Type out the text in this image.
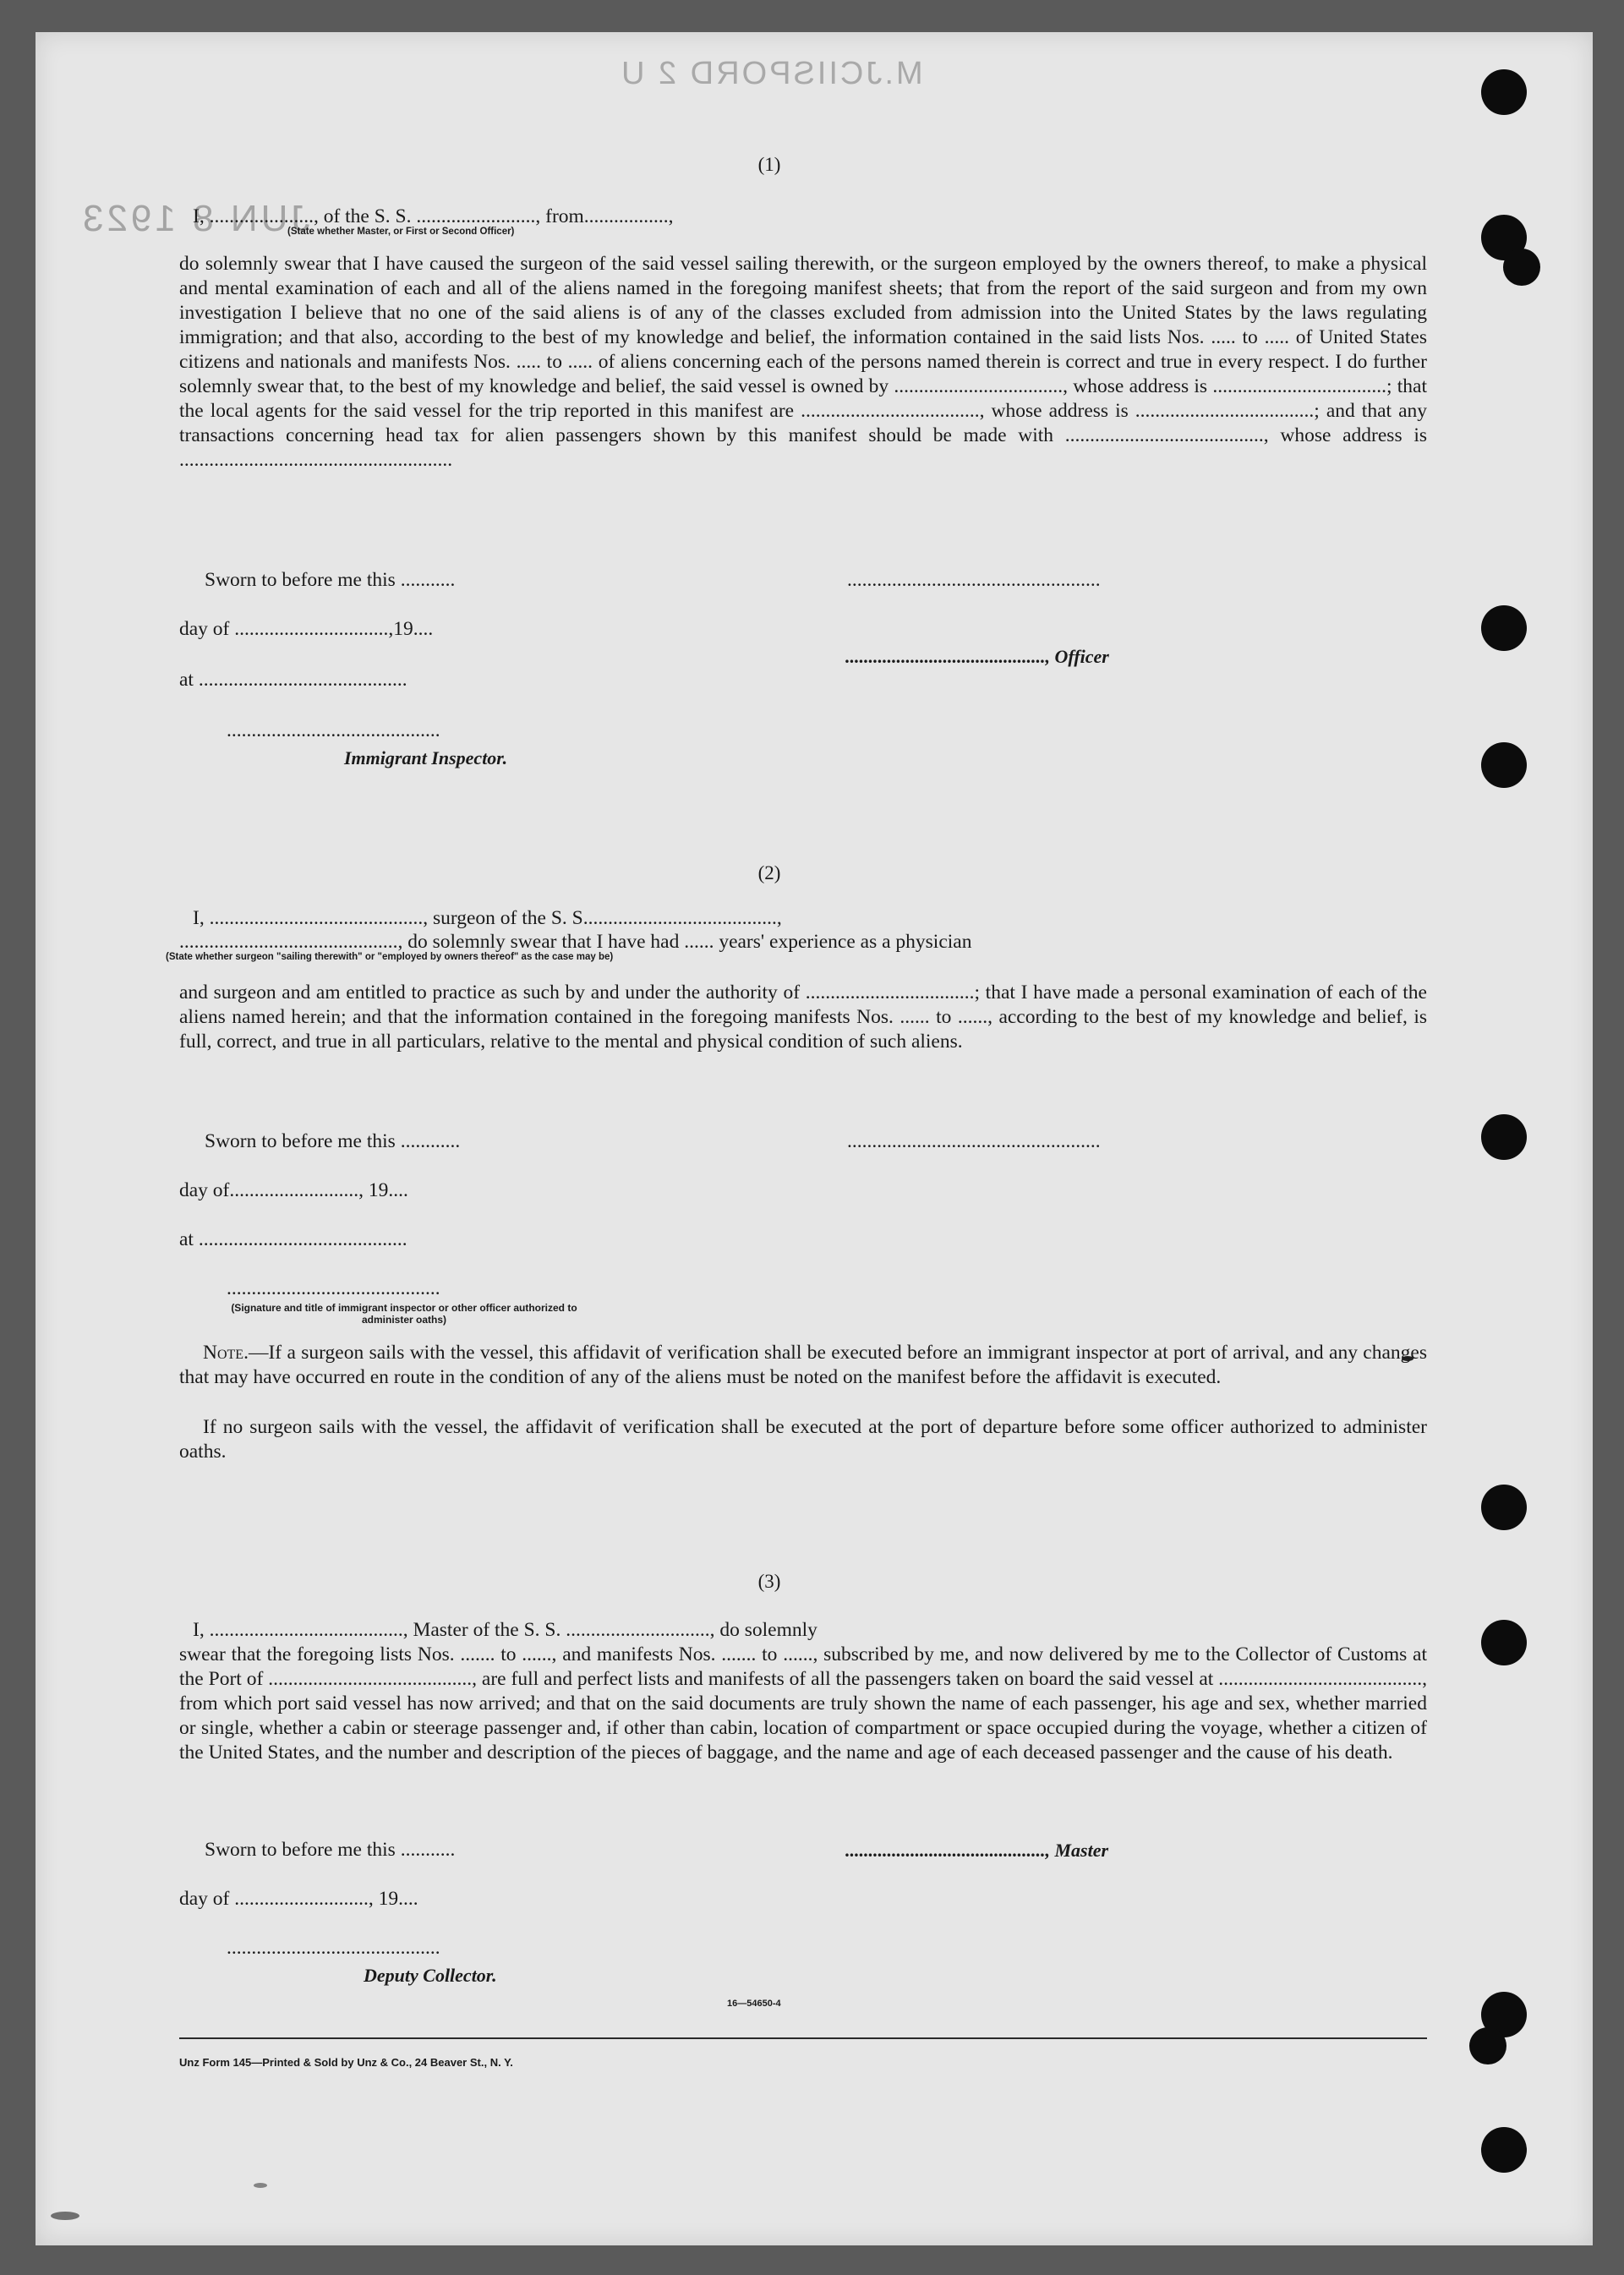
M.JCIISPORD 2 U
JUN 8 1923
(1)
I, ....................., of the S. S. ........................, from.................,
(State whether Master, or First or Second Officer)
do solemnly swear that I have caused the surgeon of the said vessel sailing therewith, or the surgeon employed by the owners thereof, to make a physical and mental examination of each and all of the aliens named in the foregoing manifest sheets; that from the report of the said surgeon and from my own investigation I believe that no one of the said aliens is of any of the classes excluded from admission into the United States by the laws regulating immigration; and that also, according to the best of my knowledge and belief, the information contained in the said lists Nos. ..... to ..... of United States citizens and nationals and manifests Nos. ..... to ..... of aliens concerning each of the persons named therein is correct and true in every respect. I do further solemnly swear that, to the best of my knowledge and belief, the said vessel is owned by .................................., whose address is ...................................; that the local agents for the said vessel for the trip reported in this manifest are ...................................., whose address is ....................................; and that any transactions concerning head tax for alien passengers shown by this manifest should be made with ........................................, whose address is .......................................................
Sworn to before me this ...........	...................................................
day of ...............................,19....
..........................................., Officer
at ..........................................
...........................................
Immigrant Inspector.
(2)
I, ..........................................., surgeon of the S. S.......................................,
............................................, do solemnly swear that I have had ...... years' experience as a physician
(State whether surgeon "sailing therewith" or "employed by owners thereof" as the case may be)
and surgeon and am entitled to practice as such by and under the authority of ..................................; that I have made a personal examination of each of the aliens named herein; and that the information contained in the foregoing manifests Nos. ...... to ......, according to the best of my knowledge and belief, is full, correct, and true in all particulars, relative to the mental and physical condition of such aliens.
Sworn to before me this ............	...................................................
day of.........................., 19....
at ..........................................
...........................................
(Signature and title of immigrant inspector or other officer authorized to administer oaths)
Note.—If a surgeon sails with the vessel, this affidavit of verification shall be executed before an immigrant inspector at port of arrival, and any changes that may have occurred en route in the condition of any of the aliens must be noted on the manifest before the affidavit is executed.
If no surgeon sails with the vessel, the affidavit of verification shall be executed at the port of departure before some officer authorized to administer oaths.
(3)
I, ......................................., Master of the S. S. ............................., do solemnly
swear that the foregoing lists Nos. ....... to ......, and manifests Nos. ....... to ......, subscribed by me, and now delivered by me to the Collector of Customs at the Port of ........................................., are full and perfect lists and manifests of all the passengers taken on board the said vessel at ........................................., from which port said vessel has now arrived; and that on the said documents are truly shown the name of each passenger, his age and sex, whether married or single, whether a cabin or steerage passenger and, if other than cabin, location of compartment or space occupied during the voyage, whether a citizen of the United States, and the number and description of the pieces of baggage, and the name and age of each deceased passenger and the cause of his death.
Sworn to before me this ...........	..........................................., Master
day of ..........................., 19....
...........................................
Deputy Collector.
16—54650-4
Unz Form 145—Printed & Sold by Unz & Co., 24 Beaver St., N. Y.
